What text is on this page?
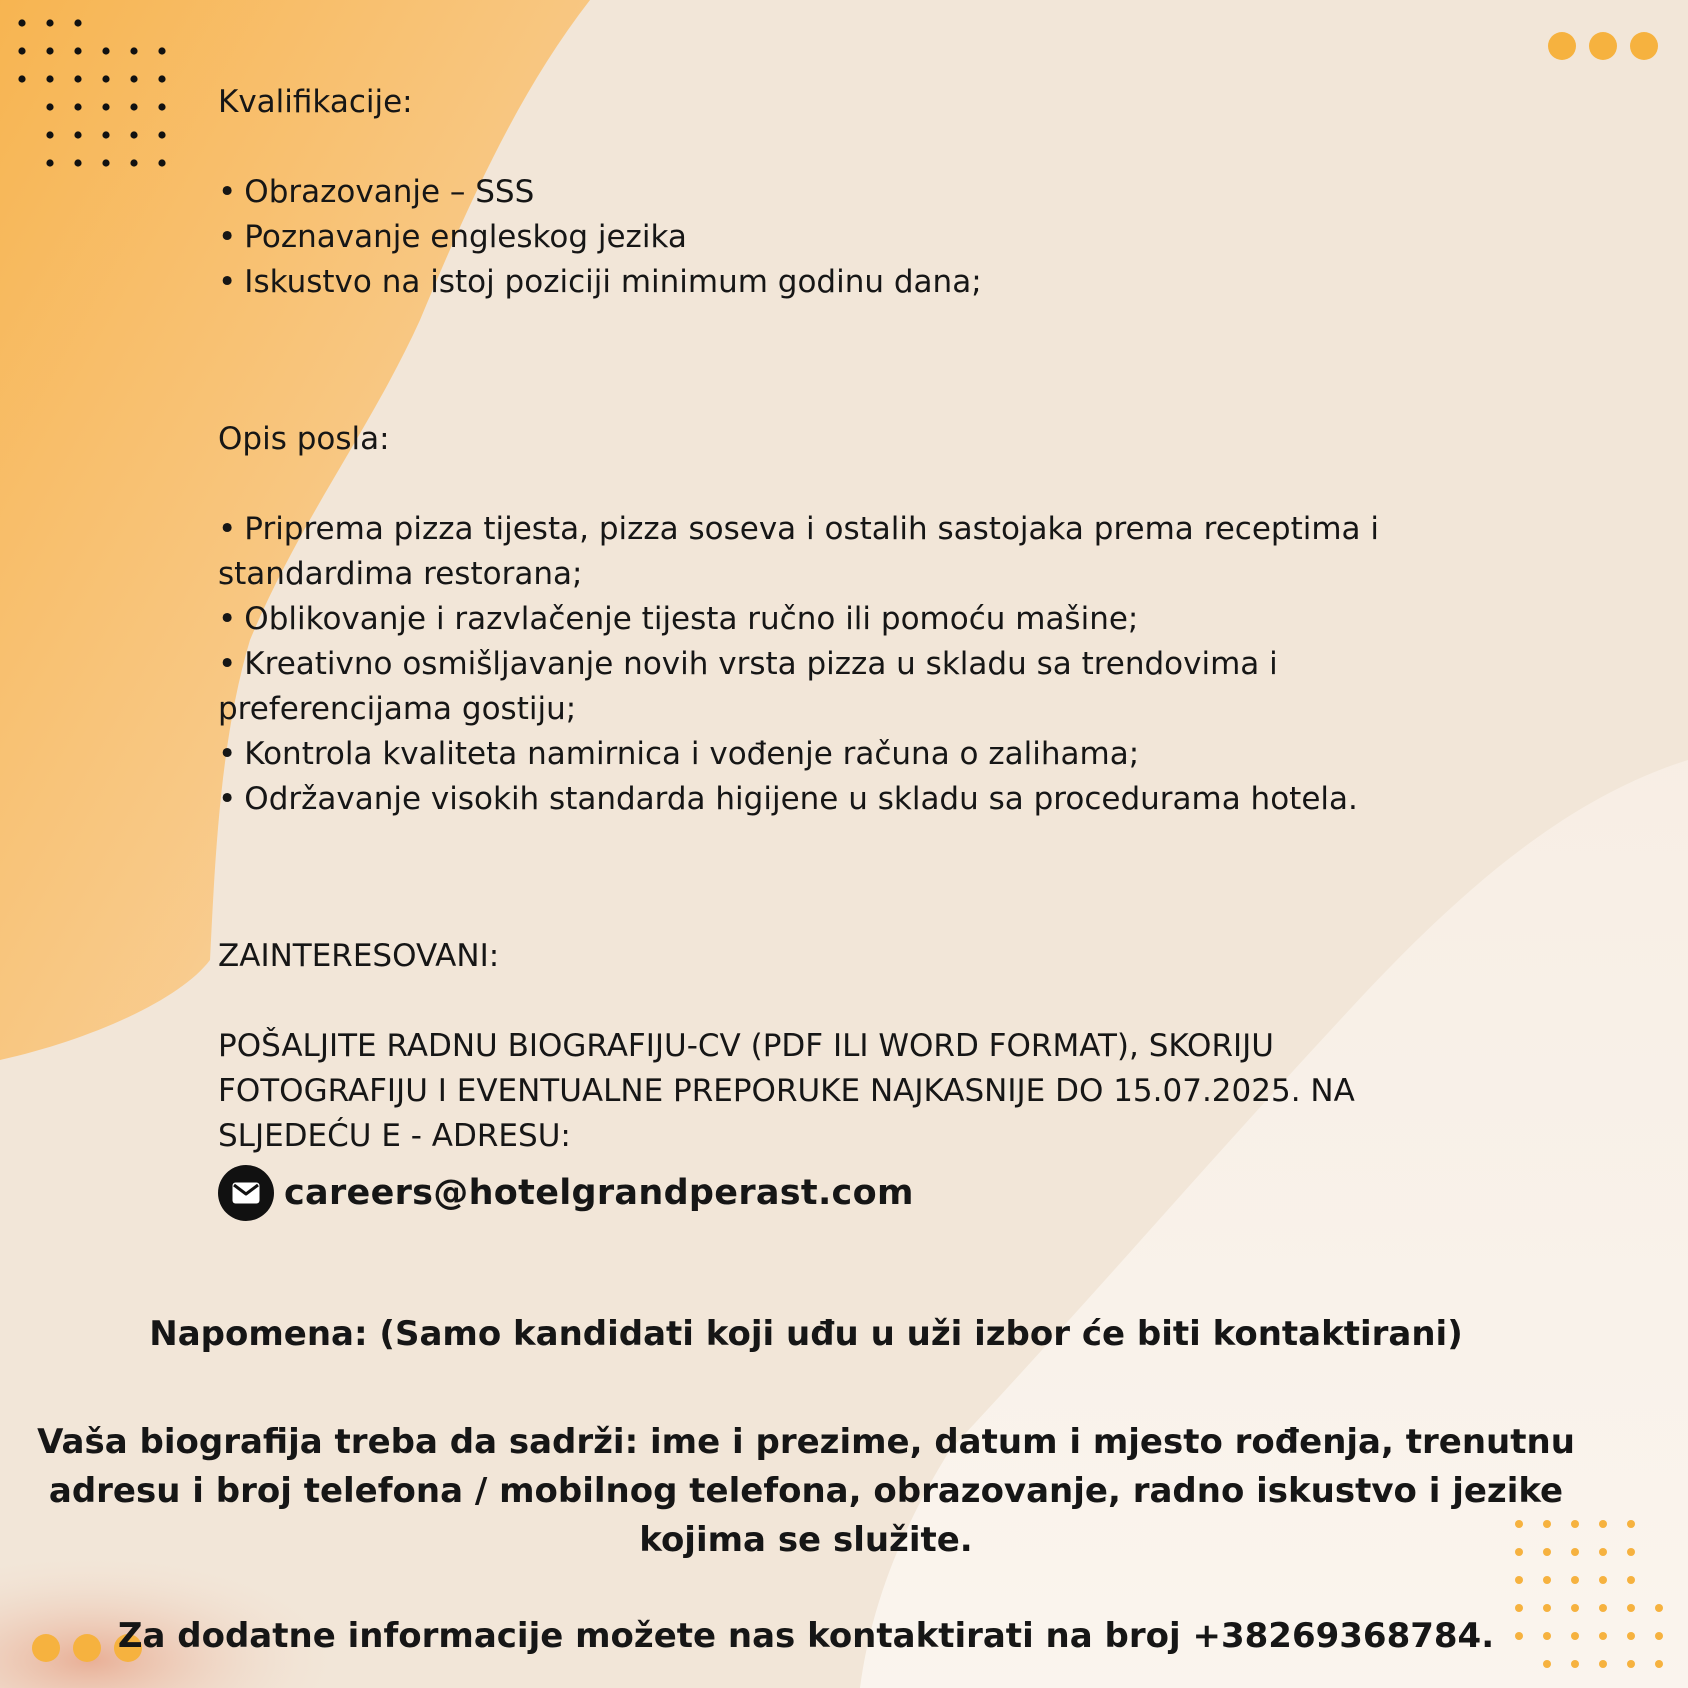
Kvalifikacije:

• Obrazovanje – SSS
• Poznavanje engleskog jezika
• Iskustvo na istoj poziciji minimum godinu dana;

Opis posla:

• Priprema pizza tijesta, pizza soseva i ostalih sastojaka prema receptima i standardima restorana;
• Oblikovanje i razvlačenje tijesta ručno ili pomoću mašine;
• Kreativno osmišljavanje novih vrsta pizza u skladu sa trendovima i preferencijama gostiju;
• Kontrola kvaliteta namirnica i vođenje računa o zalihama;
• Održavanje visokih standarda higijene u skladu sa procedurama hotela.

ZAINTERESOVANI:

POŠALJITE RADNU BIOGRAFIJU-CV (PDF ILI WORD FORMAT), SKORIJU FOTOGRAFIJU I EVENTUALNE PREPORUKE NAJKASNIJE DO 15.07.2025. NA SLJEDEĆU E - ADRESU:

careers@hotelgrandperast.com

Napomena: (Samo kandidati koji uđu u uži izbor će biti kontaktirani)

Vaša biografija treba da sadrži: ime i prezime, datum i mjesto rođenja, trenutnu adresu i broj telefona / mobilnog telefona, obrazovanje, radno iskustvo i jezike kojima se služite.

Za dodatne informacije možete nas kontaktirati na broj +38269368784.
